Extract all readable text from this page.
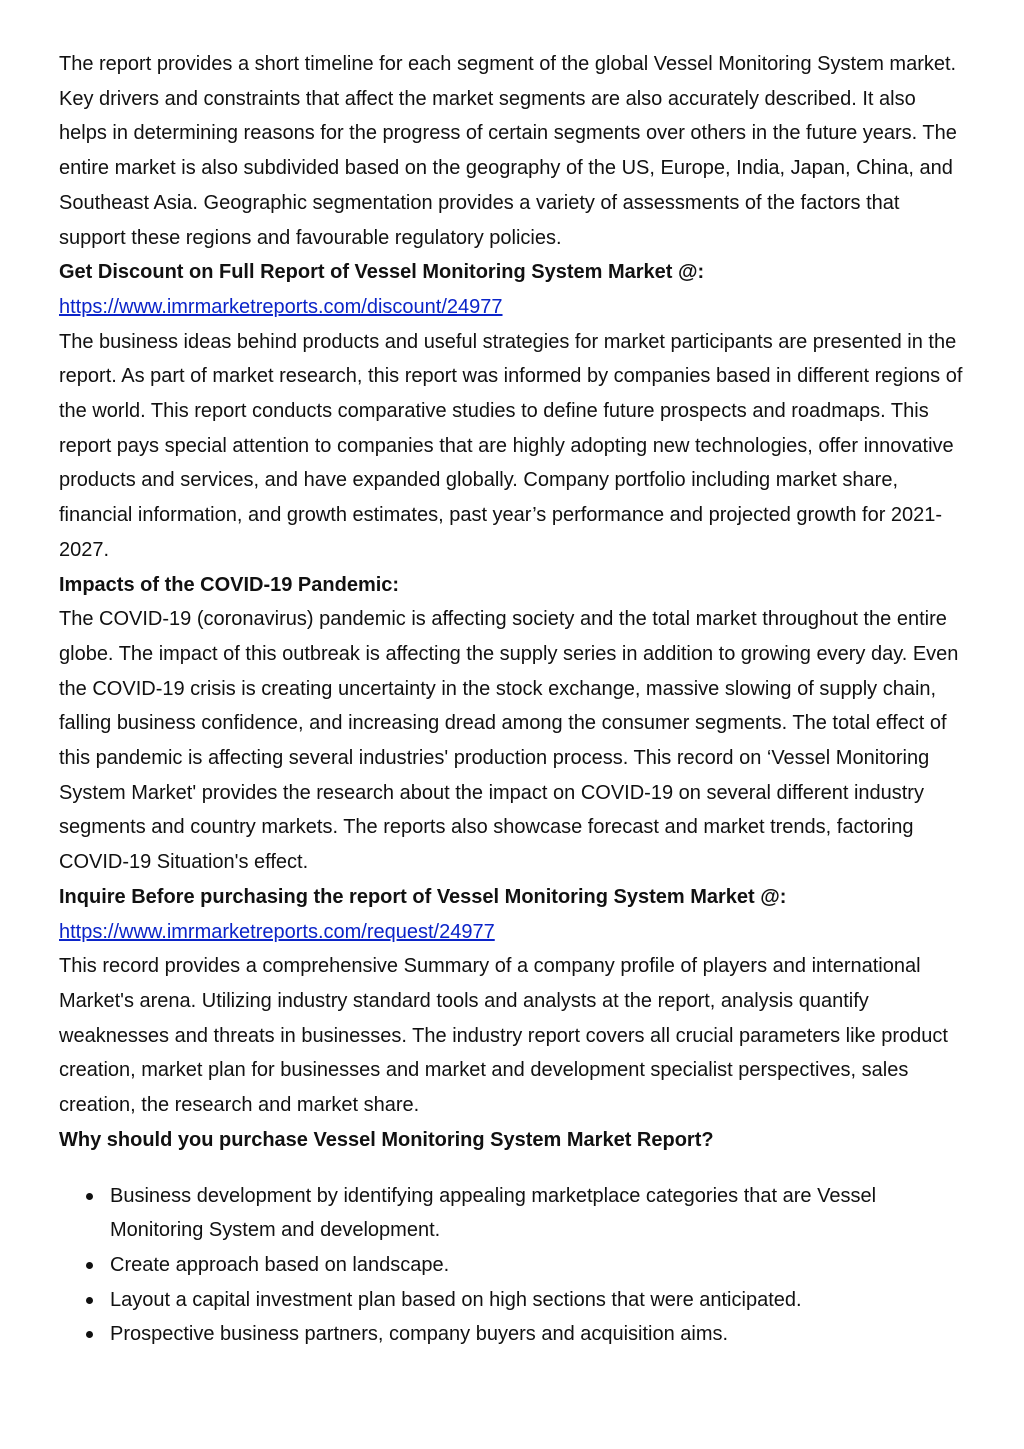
The report provides a short timeline for each segment of the global Vessel Monitoring System market. Key drivers and constraints that affect the market segments are also accurately described. It also helps in determining reasons for the progress of certain segments over others in the future years. The entire market is also subdivided based on the geography of the US, Europe, India, Japan, China, and Southeast Asia. Geographic segmentation provides a variety of assessments of the factors that support these regions and favourable regulatory policies.

Get Discount on Full Report of Vessel Monitoring System Market @:

https://www.imrmarketreports.com/discount/24977

The business ideas behind products and useful strategies for market participants are presented in the report. As part of market research, this report was informed by companies based in different regions of the world. This report conducts comparative studies to define future prospects and roadmaps. This report pays special attention to companies that are highly adopting new technologies, offer innovative products and services, and have expanded globally. Company portfolio including market share, financial information, and growth estimates, past year’s performance and projected growth for 2021-2027.

Impacts of the COVID-19 Pandemic:

The COVID-19 (coronavirus) pandemic is affecting society and the total market throughout the entire globe. The impact of this outbreak is affecting the supply series in addition to growing every day. Even the COVID-19 crisis is creating uncertainty in the stock exchange, massive slowing of supply chain, falling business confidence, and increasing dread among the consumer segments. The total effect of this pandemic is affecting several industries' production process. This record on ‘Vessel Monitoring System Market' provides the research about the impact on COVID-19 on several different industry segments and country markets. The reports also showcase forecast and market trends, factoring COVID-19 Situation's effect.

Inquire Before purchasing the report of Vessel Monitoring System Market @:

https://www.imrmarketreports.com/request/24977

This record provides a comprehensive Summary of a company profile of players and international Market's arena. Utilizing industry standard tools and analysts at the report, analysis quantify weaknesses and threats in businesses. The industry report covers all crucial parameters like product creation, market plan for businesses and market and development specialist perspectives, sales creation, the research and market share.

Why should you purchase Vessel Monitoring System Market Report?

Business development by identifying appealing marketplace categories that are Vessel Monitoring System and development.
Create approach based on landscape.
Layout a capital investment plan based on high sections that were anticipated.
Prospective business partners, company buyers and acquisition aims.
